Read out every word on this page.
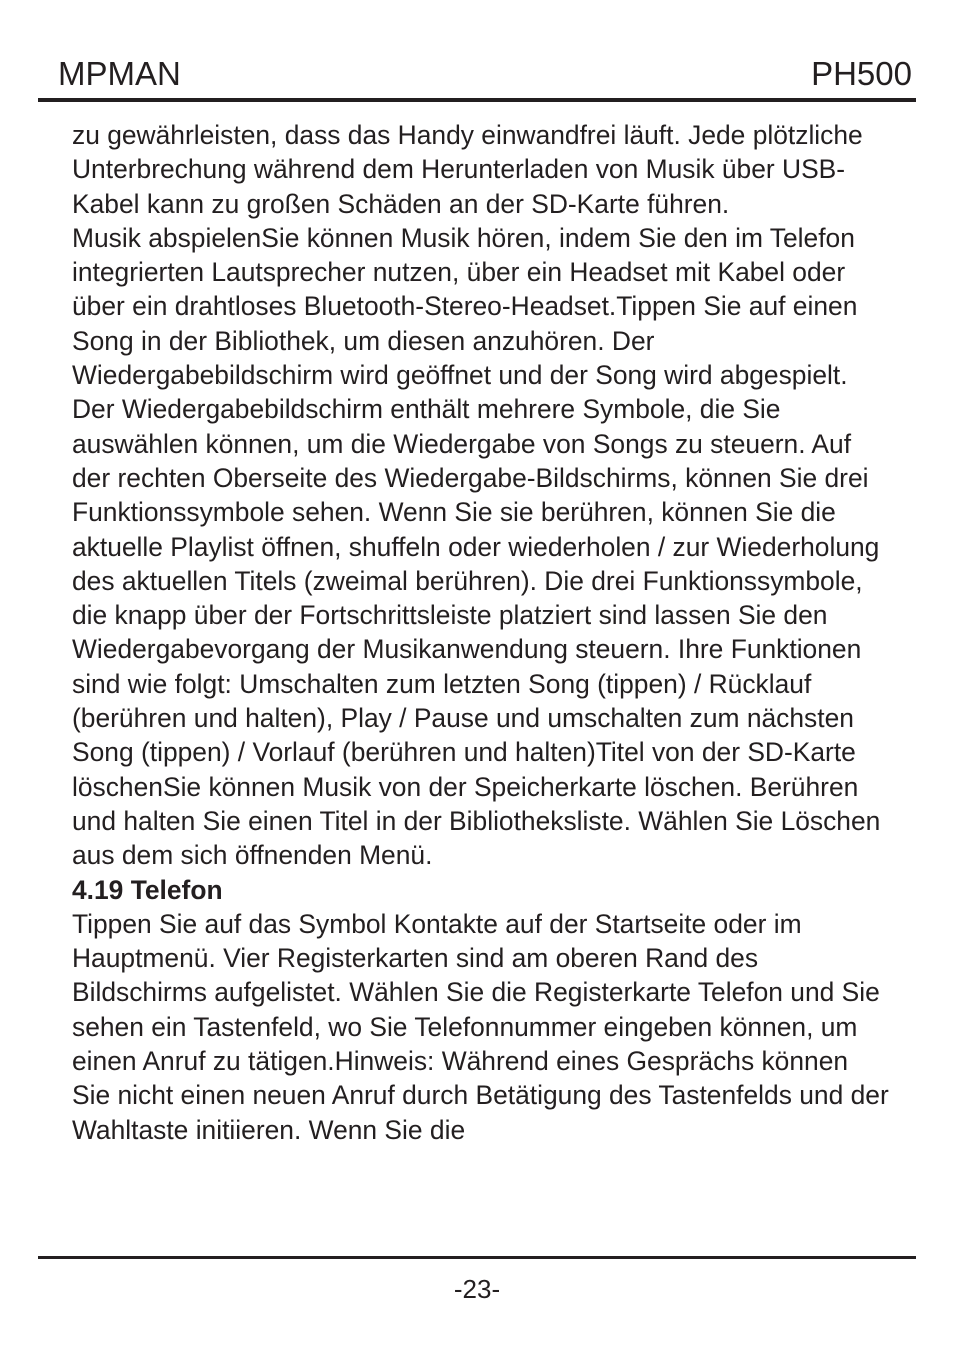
MPMAN	PH500

zu gewährleisten, dass das Handy einwandfrei läuft. Jede plötzliche Unterbrechung während dem Herunterladen von Musik über USB-Kabel kann zu großen Schäden an der SD-Karte führen.

Musik abspielenSie können Musik hören, indem Sie den im Telefon integrierten Lautsprecher nutzen, über ein Headset mit Kabel oder über ein drahtloses Bluetooth-Stereo-Headset.Tippen Sie auf einen Song in der Bibliothek, um diesen anzuhören. Der Wiedergabebildschirm wird geöffnet und der Song wird abgespielt. Der Wiedergabebildschirm enthält mehrere Symbole, die Sie auswählen können, um die Wiedergabe von Songs zu steuern. Auf der rechten Oberseite des Wiedergabe-Bildschirms, können Sie drei Funktionssymbole sehen. Wenn Sie sie berühren, können Sie die aktuelle Playlist öffnen, shuffeln oder wiederholen / zur Wiederholung des aktuellen Titels (zweimal berühren). Die drei Funktionssymbole, die knapp über der Fortschrittsleiste platziert sind lassen Sie den Wiedergabevorgang der Musikanwendung steuern. Ihre Funktionen sind wie folgt: Umschalten zum letzten Song (tippen) / Rücklauf (berühren und halten), Play / Pause und umschalten zum nächsten Song (tippen) / Vorlauf (berühren und halten)Titel von der SD-Karte löschenSie können Musik von der Speicherkarte löschen. Berühren und halten Sie einen Titel in der Bibliotheksliste. Wählen Sie Löschen aus dem sich öffnenden Menü.

4.19 Telefon

Tippen Sie auf das Symbol Kontakte auf der Startseite oder im Hauptmenü. Vier Registerkarten sind am oberen Rand des Bildschirms aufgelistet. Wählen Sie die Registerkarte Telefon und Sie sehen ein Tastenfeld, wo Sie Telefonnummer eingeben können, um einen Anruf zu tätigen.Hinweis: Während eines Gesprächs können Sie nicht einen neuen Anruf durch Betätigung des Tastenfelds und der Wahltaste initiieren. Wenn Sie die

-23-
